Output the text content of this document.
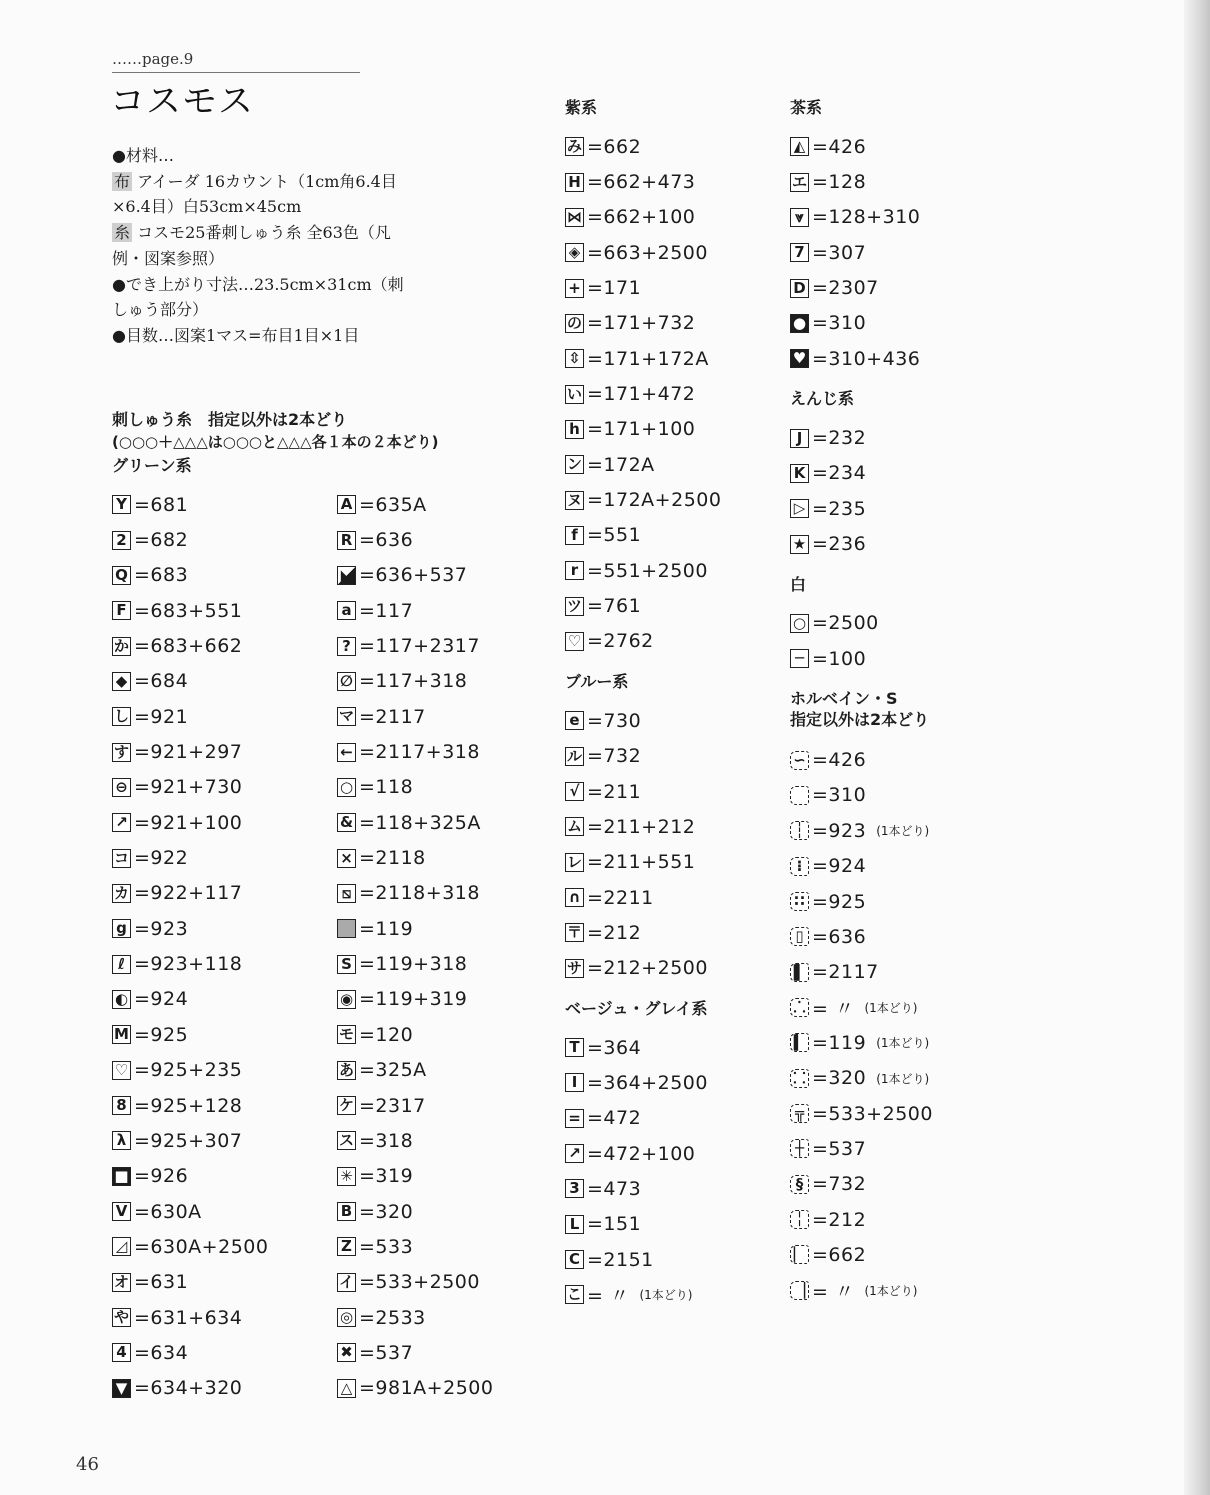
……page.9
コスモス

●材料…

布 アイーダ 16カウント（1cm角6.4目×6.4目）白53cm×45cm

糸 コスモ25番刺しゅう糸 全63色（凡例・図案参照）

●でき上がり寸法…23.5cm×31cm（刺しゅう部分）

●目数…図案1マス=布目1目×1目

刺しゅう糸　指定以外は2本どり
(○○○＋△△△は○○○と△△△各１本の２本どり)
グリーン系
Y =681
2 =682
Q =683
F =683+551
か =683+662
◆ =684
し =921
す =921+297
⊖ =921+730
↗ =921+100
コ =922
カ =922+117
g =923
ℓ =923+118
◐ =924
M =925
♡ =925+235
8 =925+128
λ =925+307
■ =926
V =630A
◿ =630A+2500
オ =631
や =631+634
4 =634
▼ =634+320
A =635A
R =636
◣ =636+537
a =117
? =117+2317
∅ =117+318
マ =2117
← =2117+318
○ =118
& =118+325A
× =2118
⧅ =2118+318
=119
S =119+318
◉ =119+319
モ =120
あ =325A
ケ =2317
ス =318
✳ =319
B =320
Z =533
イ =533+2500
◎ =2533
✖ =537
△ =981A+2500
紫系
み =662
H =662+473
⋈ =662+100
◈ =663+2500
+ =171
の =171+732
⇳ =171+172A
い =171+472
h =171+100
ン =172A
ヌ =172A+2500
f =551
r =551+2500
ツ =761
♡ =2762
ブルー系
e =730
ル =732
√ =211
ム =211+212
レ =211+551
∩ =2211
〒 =212
サ =212+2500
ベージュ・グレイ系
T =364
I =364+2500
= =472
↗ =472+100
3 =473
L =151
C =2151
こ = 〃 (1本どり)
茶系
◭ =426
エ =128
⩔ =128+310
7 =307
D =2307
● =310
♥ =310+436
えんじ系
J =232
K =234
▷ =235
★ =236
白
○ =2500
─ =100
ホルベイン・S
指定以外は2本どり
∽ =426
=310
┆ =923 (1本どり)
⁝ =924
∷ =925
▯ =636
▌ =2117
⸫ = 〃 (1本どり)
▍ =119 (1本どり)
⸬ =320 (1本どり)
╦ =533+2500
┼ =537
§ =732
╎ =212
▏ =662
▕ = 〃 (1本どり)
46
